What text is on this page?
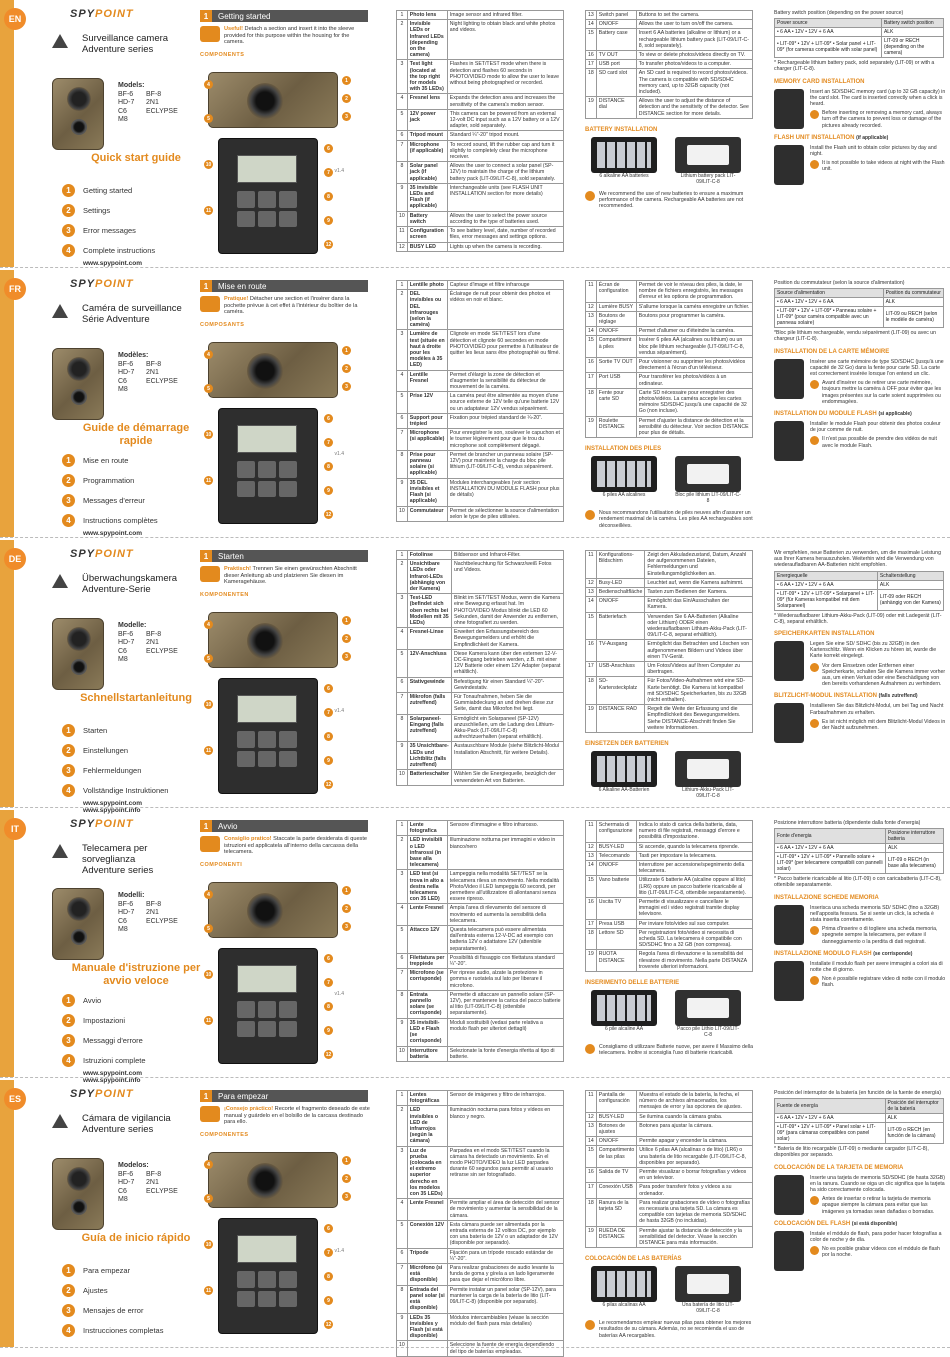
EN	SPYPOINT
Surveillance camera
Adventure series
Models:
BF-6	BF-8
HD-7	2N1
C6	ECLYPSE
M8
Quick start guide
v1.4
1	Getting started
2	Settings
3	Error messages
4	Complete instructions
www.spypoint.com
1	Getting started
Useful! Detach a section and insert it into the sleeve provided for this purpose within the housing for the camera.
COMPONENTS
1
2
3
4
5
6
7
8
9
10
11
12
1	Photo lens	Image sensor and infrared filter.
2	Invisible LEDs or Infrared LEDs (depending on the camera)	Night lighting to obtain black and white photos and videos.
3	Test light (located at the top right for models with 35 LEDs)	Flashes in SET/TEST mode when there is detection and flashes 60 seconds in PHOTO/VIDEO mode to allow the user to leave without being photographed or recorded.
4	Fresnel lens	Expands the detection area and increases the sensitivity of the camera's motion sensor.
5	12V power jack	This camera can be powered from an external 12-volt DC input such as a 12V battery or a 12V adapter, sold separately.
6	Tripod mount	Standard ¼"-20" tripod mount.
7	Microphone (if applicable)	To record sound, lift the rubber cap and turn it slightly to completely clear the microphone receiver.
8	Solar panel jack (if applicable)	Allows the user to connect a solar panel (SP-12V) to maintain the charge of the lithium battery pack (LIT-09/LIT-C-8), sold separately.
9	35 invisible LEDs and Flash (if applicable)	Interchangeable units (see FLASH UNIT INSTALLATION section for more details)
10	Battery switch	Allows the user to select the power source according to the type of batteries used.
11	Configuration screen	To see battery level, date, number of recorded files, error messages and settings options.
12	BUSY LED	Lights up when the camera is recording.
13	Switch panel	Buttons to set the camera.
14	ON/OFF	Allows the user to turn on/off the camera.
15	Battery case	Insert 6 AA batteries (alkaline or lithium) or a rechargeable lithium battery pack (LIT-09/LIT-C-8, sold separately).
16	TV OUT	To view or delete photos/videos directly on TV.
17	USB port	To transfer photos/videos to a computer.
18	SD card slot	An SD card is required to record photos/videos. The camera is compatible with SD/SDHC memory card, up to 32GB capacity (not included).
19	DISTANCE dial	Allows the user to adjust the distance of detection and the sensitivity of the detector. See DISTANCE section for more details.
BATTERY INSTALLATION
6 alkaline AA batteries	Lithium battery pack LIT-09/LIT-C-8
We recommend the use of new batteries to ensure a maximum performance of the camera. Rechargeable AA batteries are not recommended.
Battery switch position (depending on the power source)
Power source	Battery switch position
• 6 AA • 12V • 12V + 6 AA	ALK
• LIT-09* • 12V + LIT-09* • Solar panel + LIT-09* (for cameras compatible with solar panel)	LIT-09 or RECH (depending on the camera)
* Rechargeable lithium battery pack, sold separately (LIT-09) or with a charger (LIT-C-8).
MEMORY CARD INSTALLATION
Insert an SD/SDHC memory card (up to 32 GB capacity) in the card slot. The card is inserted correctly when a click is heard.
Before inserting or removing a memory card, always turn off the camera to prevent loss or damage of the pictures already recorded.
FLASH UNIT INSTALLATION (if applicable)
Install the Flash unit to obtain color pictures by day and night.
It is not possible to take videos at night with the Flash unit.
FR	SPYPOINT
Caméra de surveillance
Série Adventure
Modèles:
BF-6	BF-8
HD-7	2N1
C6	ECLYPSE
M8
Guide de démarrage rapide
v1.4
1	Mise en route
2	Programmation
3	Messages d'erreur
4	Instructions complètes
www.spypoint.com
1	Mise en route
Pratique! Détacher une section et l'insérer dans la pochette prévue à cet effet à l'intérieur du boîtier de la caméra.
COMPOSANTS
1
2
3
4
5
6
7
8
9
10
11
12
1	Lentille photo	Capteur d'image et filtre infrarouge
2	DEL invisibles ou DEL infrarouges (selon la caméra)	Éclairage de nuit pour obtenir des photos et vidéos en noir et blanc.
3	Lumière de test (située en haut à droite pour les modèles à 35 LED)	Clignote en mode SET/TEST lors d'une détection et clignote 60 secondes en mode PHOTO/VIDÉO pour permettre à l'utilisateur de quitter les lieux sans être photographié ou filmé.
4	Lentille Fresnel	Permet d'élargir la zone de détection et d'augmenter la sensibilité du détecteur de mouvement de la caméra.
5	Prise 12V	La caméra peut être alimentée au moyen d'une source externe de 12V telle qu'une batterie 12V ou un adaptateur 12V vendus séparément.
6	Support pour trépied	Fixation pour trépied standard de ¼-20".
7	Microphone (si applicable)	Pour enregistrer le son, soulever le capuchon et le tourner légèrement pour que le trou du microphone soit complètement dégagé.
8	Prise pour panneau solaire (si applicable)	Permet de brancher un panneau solaire (SP-12V) pour maintenir la charge du bloc pile lithium (LIT-09/LIT-C-8), vendus séparément.
9	35 DEL invisibles et Flash (si applicable)	Modules interchangeables (voir section INSTALLATION DU MODULE FLASH pour plus de détails)
10	Commutateur	Permet de sélectionner la source d'alimentation selon le type de piles utilisées.
11	Écran de configuration	Permet de voir le niveau des piles, la date, le nombre de fichiers enregistrés, les messages d'erreur et les options de programmation.
12	Lumière BUSY	S'allume lorsque la caméra enregistre un fichier.
13	Boutons de réglage	Boutons pour programmer la caméra.
14	ON/OFF	Permet d'allumer ou d'éteindre la caméra.
15	Compartiment à piles	Insérer 6 piles AA (alcalines ou lithium) ou un bloc pile lithium rechargeable (LIT-09/LIT-C-8, vendus séparément).
16	Sortie TV OUT	Pour visionner ou supprimer les photos/vidéos directement à l'écran d'un téléviseur.
17	Port USB	Pour transférer les photos/vidéos à un ordinateur.
18	Fente pour carte SD	Carte SD nécessaire pour enregistrer des photos/vidéos. La caméra accepte les cartes mémoire SD/SDHC jusqu'à une capacité de 32 Go (non incluse).
19	Roulette DISTANCE	Permet d'ajuster la distance de détection et la sensibilité du détecteur. Voir section DISTANCE pour plus de détails.
INSTALLATION DES PILES
6 piles AA alcalines	Bloc pile lithium LIT-09/LIT-C-8
Nous recommandons l'utilisation de piles neuves afin d'assurer un rendement maximal de la caméra. Les piles AA rechargeables sont déconseillées.
Position du commutateur (selon la source d'alimentation)
Source d'alimentation	Position du commutateur
• 6 AA • 12V • 12V + 6 AA	ALK
• LIT-09* • 12V + LIT-09* • Panneau solaire + LIT-09* (pour caméra compatible avec un panneau solaire)	LIT-09 ou RECH (selon le modèle de caméra)
*Bloc pile lithium rechargeable, vendu séparément (LIT-09) ou avec un chargeur (LIT-C-8).
INSTALLATION DE LA CARTE MÉMOIRE
Insérer une carte mémoire de type SD/SDHC (jusqu'à une capacité de 32 Go) dans la fente pour carte SD. La carte est correctement insérée lorsque l'on entend un clic.
Avant d'insérer ou de retirer une carte mémoire, toujours mettre la caméra à OFF pour éviter que les images présentes sur la carte soient supprimées ou endommagées.
INSTALLATION DU MODULE FLASH (si applicable)
Installer le module Flash pour obtenir des photos couleur de jour comme de nuit.
Il n'est pas possible de prendre des vidéos de nuit avec le module Flash.
DE	SPYPOINT
Überwachungskamera
Adventure-Serie
Modelle:
BF-6	BF-8
HD-7	2N1
C6	ECLYPSE
M8
Schnellstartanleitung
v1.4
1	Starten
2	Einstellungen
3	Fehlermeldungen
4	Vollständige Instruktionen
www.spypoint.com
www.spypoint.info
1	Starten
Praktisch! Trennen Sie einen gewünschten Abschnitt dieser Anleitung ab und platzieren Sie diesen im Kameragehäuse.
KOMPONENTEN
1
2
3
4
5
6
7
8
9
10
11
12
1	Fotolinse	Bildsensor und Infrarot-Filter.
2	Unsichtbare LEDs oder Infrarot-LEDs (abhängig von der Kamera)	Nachtbeleuchtung für Schwarz/weiß Fotos und Videos.
3	Test-LED (befindet sich oben rechts bei Modellen mit 35 LEDs)	Blinkt im SET/TEST Modus, wenn die Kamera eine Bewegung erfasst hat. Im PHOTO/VIDEO Modus blinkt die LED 60 Sekunden, damit der Anwender zu entfernen, ohne fotografiert zu werden.
4	Fresnel-Linse	Erweitert den Erfassungsbereich des Bewegungsmelders und erhöht die Empfindlichkeit der Kamera.
5	12V-Anschluss	Diese Kamera kann über den externen 12-V-DC-Eingang betrieben werden, z.B. mit einer 12V Batterie oder einem 12V Adapter (separat erhältlich).
6	Stativgewinde	Befestigung für einen Standard ¼"-20"-Gewindestativ.
7	Mikrofon (falls zutreffend)	Für Tonaufnahmen, heben Sie die Gummiabdeckung an und drehen diese zur Seite, damit das Mikrofon frei liegt.
8	Solarpaneel-Eingang (falls zutreffend)	Ermöglicht ein Solarpaneel (SP-12V) anzuschließen, um die Ladung des Lithium-Akku-Pack (LIT-09/LIT-C-8) aufrechtzuerhalten (separat erhältlich).
9	35 Unsichtbare-LEDs und Lichtblitz (falls zutreffend)	Austauschbare Module (siehe Blitzlicht-Modul Installation Abschnitt, für weitere Details).
10	Batterieschalter	Wählen Sie die Energiequelle, bezüglich der verwendeten Art von Batterien.
11	Konfigurations-Bildschirm	Zeigt den Akkuladezustand, Datum, Anzahl der aufgenommenen Dateien, Fehlermeldungen und Einstellungsmöglichkeiten an.
12	Busy-LED	Leuchtet auf, wenn die Kamera aufnimmt.
13	Bedienschaltfläche	Tasten zum Bedienen der Kamera.
14	ON/OFF	Ermöglicht das Ein/Ausschalten der Kamera.
15	Batteriefach	Verwenden Sie 6 AA-Batterien (Alkaline oder Lithium) ODER einen wiederaufladbaren Lithium-Akku-Pack (LIT-09/LIT-C-8, separat erhältlich).
16	TV-Ausgang	Ermöglicht das Betrachten und Löschen von aufgenommenen Bildern und Videos über einen TV-Gerät.
17	USB-Anschluss	Um Fotos/Videos auf Ihren Computer zu übertragen.
18	SD-Kartensteckplatz	Für Fotos/Video-Aufnahmen wird eine SD-Karte benötigt. Die Kamera ist kompatibel mit SD/SDHC Speicherkarten, bis zu 32GB (nicht enthalten).
19	DISTANCE RAD	Regelt die Weite der Erfassung und die Empfindlichkeit des Bewegungsmelders. Siehe DISTANCE-Abschnitt finden Sie weitere Informationen.
EINSETZEN DER BATTERIEN
6 Alkaline AA-Batterien	Lithium-Akku-Pack LIT-09/LIT-C-8
Wir empfehlen, neue Batterien zu verwenden, um die maximale Leistung aus Ihrer Kamera herauszuholen. Weiterhin wird die Verwendung von wiederaufladbaren AA-Batterien nicht empfohlen.
Energiequelle	Schalterstellung
• 6 AA • 12V • 12V + 6 AA	ALK
• LIT-09* • 12V + LIT-09* • Solarpanel + LIT-09* (für Kameras kompatibel mit dem Solarpaneel)	LIT-09 oder RECH (anhängig von der Kamera)
* Wiederaufladbarer Lithium-Akku-Pack (LIT-09) oder mit Ladegerät (LIT-C-8), separat erhältlich.
SPEICHERKARTEN INSTALLATION
Legen Sie eine SD/ SDHC (bis zu 32GB) in den Kartenschlitz. Wenn ein Klicken zu hören ist, wurde die Karte korrekt eingelegt.
Vor dem Einsetzen oder Entfernen einer Speicherkarte, schalten Sie die Kamera immer vorher aus, um einen Verlust oder eine Beschädigung von den bereits vorhandenen Aufnahmen zu verhindern.
BLITZLICHT-MODUL INSTALLATION (falls zutreffend)
Installieren Sie das Blitzlicht-Modul, um bei Tag und Nacht Farbaufnahmen zu erhalten.
Es ist nicht möglich mit dem Blitzlicht-Modul Videos in der Nacht aufzunehmen.
IT	SPYPOINT
Telecamera per sorveglianza
Adventure series
Modelli:
BF-6	BF-8
HD-7	2N1
C6	ECLYPSE
M8
Manuale d'istruzione per avvio veloce
v1.4
1	Avvio
2	Impostazioni
3	Messaggi d'errore
4	Istruzioni complete
www.spypoint.com
www.spypoint.info
1	Avvio
Consiglio pratico! Staccate la parte desiderata di queste istruzioni ed applicatela all'interno della carcassa della telecamera.
COMPONENTI
1
2
3
4
5
6
7
8
9
10
11
12
1	Lente fotografica	Sensore d'immagine e filtro infrarosso.
2	LED invisibili o LED infrarossi (in base alla telecamera)	Illuminazione notturna per immagini e video in bianco/nero
3	LED test (si trova in alto a destra nella telecamera con 35 LED)	Lampeggia nella modalità SET/TEST se la telecamera rileva un movimento. Nella modalità Photo/Video il LED lampeggia 60 secondi, per permettere all'utilizzatore di allontanarsi senza essere ripreso.
4	Lente Fresnel	Ampia l'area di rilevamento del sensore di movimento ed aumenta la sensibilità della telecamera.
5	Attacco 12V	Questa telecamera può essere alimentata dall'entrata esterna 12-V-DC ad esempio con batteria 12V o adattatore 12V (attenibile separatamente).
6	Filettatura per treppiede	Possibilità di fissaggio con filettatura standard ¼"-20".
7	Microfono (se corrisponde)	Per riprese audio, alzate la protezione in gomma e ruotatela sul lato per liberare il microfono.
8	Entrata pannello solare (se corrisponde)	Permette di attaccare un pannello solare (SP-12V), per mantenere la carica del pacco batterie al litio (LIT-09/LIT-C-8) (ottenibile separatamente).
9	35 invisibili-LED e Flash (se corrisponde)	Moduli sostituibili (vedasi parte relativa a modulo flash per ulteriori dettagli)
10	Interruttore batteria	Selezionate la fonte d'energia riferita al tipo di batterie.
11	Schermata di configurazione	Indica lo stato di carica della batteria, data, numero di file registrati, messaggi d'errore e possibilità d'impostazione.
12	BUSY-LED	Si accende, quando la telecamera riprende.
13	Telecomando	Tasti per impostare la telecamera.
14	ON/OFF	Interruttore per accensione/spegnimento della telecamera.
15	Vano batterie	Utilizzate 6 batterie AA (alcaline oppure al litio) (LR6) oppure un pacco batterie ricaricabile al litio (LIT-09/LIT-C-8, ottenibile separatamente).
16	Uscita TV	Permette di visualizzare e cancellare le immagini ed i video registrati tramite display televisore.
17	Presa USB	Per inviare foto/video sul suo computer.
18	Lettore SD	Per registrazioni foto/video si necessita di scheda SD. La telecamera è compatibile con SD/SDHC fino a 32 GB (non compresa).
19	RUOTA DISTANCE	Regola l'area di rilevazione e la sensibilità del rilevatore di movimento. Nella parte DISTANZA troverete ulteriori informazioni.
INSERIMENTO DELLE BATTERIE
6 pile alcaline AA	Pacco pile Lithio LIT-09/LIT-C-8
Consigliamo di utilizzare Batterie nuove, per avere il Massimo della telecamera. Inoltre si sconsiglia l'uso di batterie ricaricabili.
Posizione interruttore batteria (dipendente dalla fonte d'energia)
Fonte d'energia	Posizione interruttore batteria
• 6 AA • 12V • 12V + 6 AA	ALK
• LIT-09* • 12V + LIT-09* • Pannello solare + LIT-09* (per telecamere compatibili con pannelli solari)	LIT-09 o RECH (in base alla telecamera)
* Pacco batterie ricaricabile al litio (LIT-09) o con caricabatteria (LIT-C-8), ottenibile separatamente.
INSTALLAZIONE SCHEDE MEMORIA
Inserisca una scheda memoria SD/ SDHC (fino a 32GB) nell'apposita fessura. Se si sente un click, la scheda è stata inserita correttamente.
Prima d'inserire o di togliere una scheda memoria, spegnete sempre la telecamera, per evitare il danneggiamento o la perdita di dati registrati.
INSTALLAZIONE MODULO FLASH (se corrisponde)
Installate il modulo flash per avere immagini a colori sia di notte che di giorno.
Non è possibile registrare video di notte con il modulo flash.
ES	SPYPOINT
Cámara de vigilancia
Adventure series
Modelos:
BF-6	BF-8
HD-7	2N1
C6	ECLYPSE
M8
Guía de inicio rápido
v1.4
1	Para empezar
2	Ajustes
3	Mensajes de error
4	Instrucciones completas
1	Para empezar
¡Consejo práctico! Recorte el fragmento deseado de este manual y guárdelo en el bolsillo de la carcasa destinado para ello.
COMPONENTES
1
2
3
4
5
6
7
8
9
10
11
12
1	Lentes fotográficas	Sensor de imágenes y filtro de infrarrojos.
2	LED invisibles o LED de infrarrojos (según la cámara)	Iluminación nocturna para fotos y vídeos en blanco y negro.
3	Luz de prueba (colocada en el extremo superior derecho en los modelos con 35 LEDs)	Parpadea en el modo SET/TEST cuando la cámara ha detectado un movimiento. En el modo PHOTO/VIDEO la luz LED parpadea durante 60 segundos para permitir al usuario retirarse sin ser fotografiado.
4	Lente Fresnel	Permite ampliar el área de detección del sensor de movimiento y aumentar la sensibilidad de la cámara.
5	Conexión 12V	Esta cámara puede ser alimentada por la entrada externa de 12 voltios DC, por ejemplo con una batería de 12V o un adaptador de 12V (disponible por separado).
6	Trípode	Fijación para un trípode roscado estándar de ¼"-20".
7	Micrófono (si está disponible)	Para realizar grabaciones de audio levante la funda de goma y gírela a un lado ligeramente para que dejar el micrófono libre.
8	Entrada del panel solar (si está disponible)	Permite instalar un panel solar (SP-12V), para mantener la carga de la batería de litio (LIT-09/LIT-C-8) (disponible por separado).
9	LEDs 35 invisibles y Flash (si está disponible)	Módulos intercambiables (véase la sección módulo del flash para más detalles)
10		Seleccione la fuente de energía dependiendo del tipo de baterías empleadas.
11	Pantalla de configuración	Muestra el estado de la batería, la fecha, el número de archivos almacenados, los mensajes de error y las opciones de ajustes.
12	BUSY-LED	Se ilumina cuando la cámara graba.
13	Botones de ajustes	Botones para ajustar la cámara.
14	ON/OFF	Permite apagar y encender la cámara.
15	Compartimento de las pilas	Utilice 6 pilas AA (alcalinas o de litio) (LR6) o una batería de litio recargable (LIT-09/LIT-C-8, disponibles por separado).
16	Salida de TV	Permite visualizar o borrar fotografías y videos en un televisor.
17	Conexión USB	Para poder transferir fotos y vídeos a su ordenador.
18	Ranura de la tarjeta SD	Para realizar grabaciones de vídeo o fotografías es necesaria una tarjeta SD. La cámara es compatible con tarjetas de memoria SD/SDHC de hasta 32GB (no incluidas).
19	RUEDA DE DISTANCE	Permite ajustar la distancia de detección y la sensibilidad del detector. Véase la sección DISTANCE para más información.
COLOCACIÓN DE LAS BATERÍAS
6 pilas alcalinas AA	Una batería de litio LIT-09/LIT-C-8
Le recomendamos emplear nuevas pilas para obtener los mejores resultados de su cámara. Además, no se recomienda el uso de baterías AA recargables.
Posición del interruptor de la batería (en función de la fuente de energía)
Fuente de energía	Posición del interruptor de la batería
• 6 AA • 12V • 12V + 6 AA	ALK
• LIT-09* • 12V + LIT-09* • Panel solar + LIT-09* (para cámaras compatibles con panel solar)	LIT-09 o RECH (en función de la cámara)
* Batería de litio recargable (LIT-09) o mediante cargador (LIT-C-8), disponibles por separado.
COLOCACIÓN DE LA TARJETA DE MEMORIA
Inserte una tarjeta de memoria SD/SDHC (de hasta 32GB) en la ranura. Cuando se oiga un clic significa que la tarjeta ha sido correctamente colocada.
Antes de insertar o retirar la tarjeta de memoria apague siempre la cámara para evitar que las imágenes ya tomadas sean dañadas o borradas.
COLOCACIÓN DEL FLASH (si está disponible)
Instale el módulo de flash, para poder hacer fotografías a color de noche y de día.
No es posible grabar vídeos con el módulo de flash por la noche.
